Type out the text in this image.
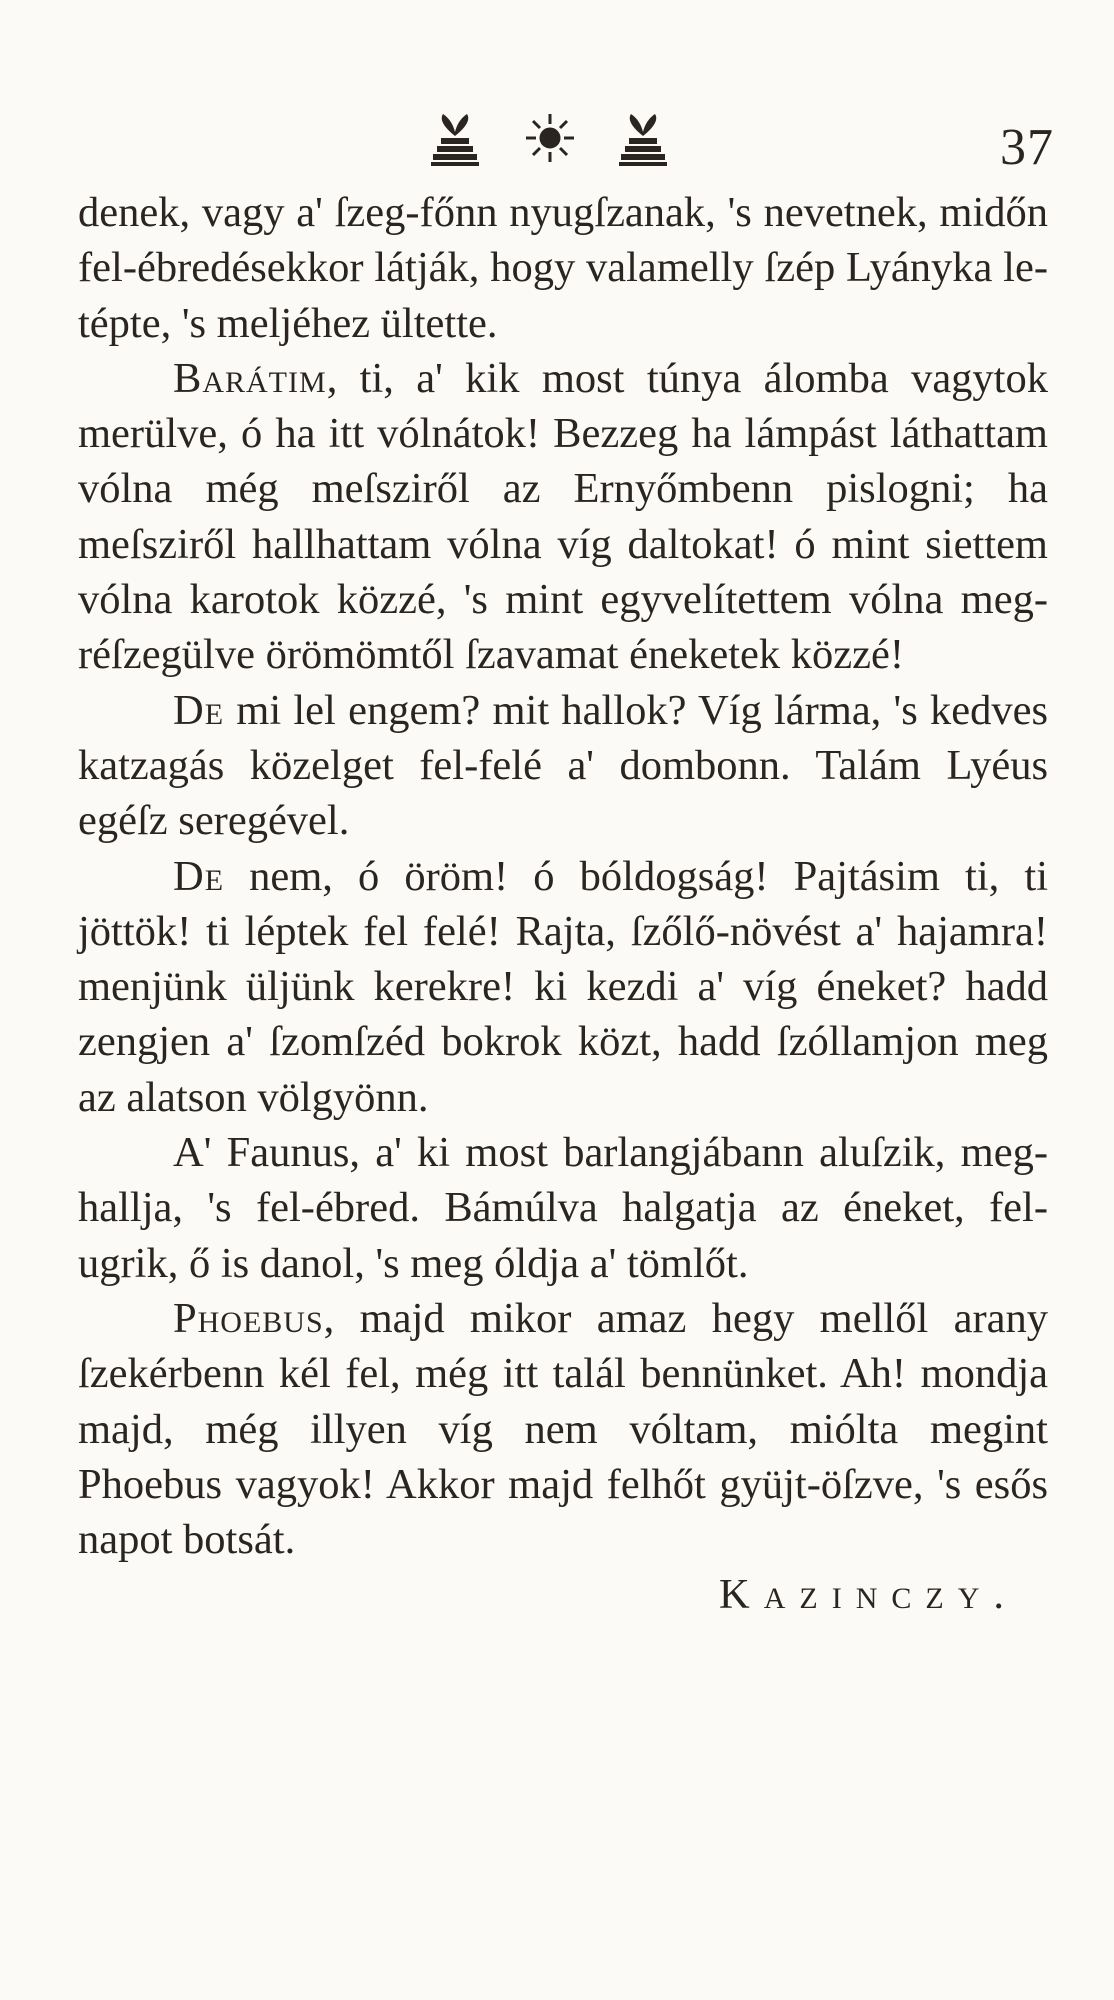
37

denek, vagy a' ſzeg-főnn nyugſzanak, 's nevetnek, midőn fel-ébredésekkor látják, hogy valamelly ſzép Lyányka le-tépte, 's meljéhez ültette.

Barátim, ti, a' kik most túnya álomba vagytok merülve, ó ha itt vólnátok! Bezzeg ha lámpást láthattam vólna még meſsziről az Ernyőmbenn pislogni; ha meſsziről hallhattam vólna víg daltokat! ó mint siettem vólna karotok közzé, 's mint egyvelítettem vólna meg-réſzegülve örömömtől ſzavamat éneketek közzé!

De mi lel engem? mit hallok? Víg lárma, 's kedves katzagás közelget fel-felé a' dombonn. Talám Lyéus egéſz seregével.

De nem, ó öröm! ó bóldogság! Pajtásim ti, ti jöttök! ti léptek fel felé! Rajta, ſzőlő-növést a' hajamra! menjünk üljünk kerekre! ki kezdi a' víg éneket? hadd zengjen a' ſzomſzéd bokrok közt, hadd ſzóllamjon meg az alatson völgyönn.

A' Faunus, a' ki most barlangjábann aluſzik, meg-hallja, 's fel-ébred. Bámúlva halgatja az éneket, fel-ugrik, ő is danol, 's meg óldja a' tömlőt.

Phoebus, majd mikor amaz hegy mellől arany ſzekérbenn kél fel, még itt talál bennünket. Ah! mondja majd, még illyen víg nem vóltam, miólta megint Phoebus vagyok! Akkor majd felhőt gyüjt-öſzve, 's esős napot botsát.

Kazinczy.
